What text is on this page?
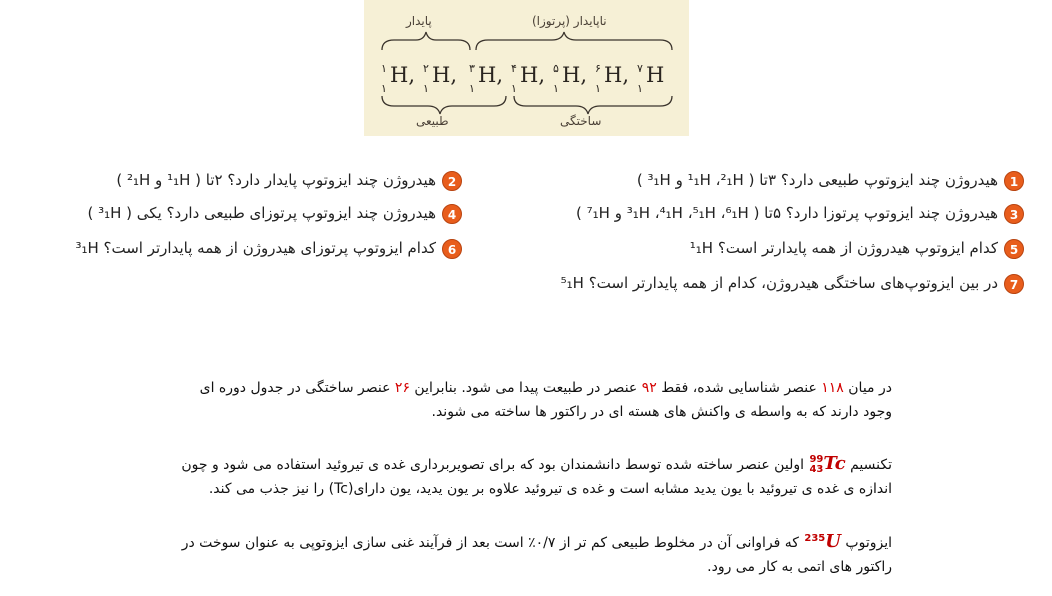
پایدار	ناپایدار (پرتوزا)
طبیعی	ساختگی
۱
۱
H, ۲
۱
H, ۳
۱
H, ۴
۱
H, ۵
۱
H, ۶
۱
H, ۷
۱
H
1هیدروژن چند ایزوتوپ طبیعی دارد؟ ۳تا ( ¹₁H ،²₁H و ³₁H )
2هیدروژن چند ایزوتوپ پایدار دارد؟ ۲تا ( ¹₁H و ²₁H )
3هیدروژن چند ایزوتوپ پرتوزا دارد؟ ۵تا ( ³₁H ،⁴₁H ،⁵₁H ،⁶₁H و ⁷₁H )
4هیدروژن چند ایزوتوپ پرتوزای طبیعی دارد؟ یکی ( ³₁H )
5کدام ایزوتوپ هیدروژن از همه پایدارتر است؟ ¹₁H
6کدام ایزوتوپ پرتوزای هیدروژن از همه پایدارتر است؟ ³₁H
7در بین ایزوتوپ‌های ساختگی هیدروژن، کدام از همه پایدارتر است؟ ⁵₁H
در میان ۱۱۸ عنصر شناسایی شده، فقط ۹۲ عنصر در طبیعت پیدا می شود. بنابراین ۲۶ عنصر ساختگی در جدول دوره ای وجود دارند که به واسطه ی واکنش های هسته ای در راکتور ها ساخته می شوند.
تکنسیم 99
43Tc اولین عنصر ساخته شده توسط دانشمندان بود که برای تصویربرداری غده ی تیروئید استفاده می شود و چون اندازه ی غده ی تیروئید با یون یدید مشابه است و غده ی تیروئید علاوه بر یون یدید، یون دارای(Tc) را نیز جذب می کند.
ایزوتوپ 235U که فراوانی آن در مخلوط طبیعی کم تر از ۰/۷٪ است بعد از فرآیند غنی سازی ایزوتوپی به عنوان سوخت در راکتور های اتمی به کار می رود.
